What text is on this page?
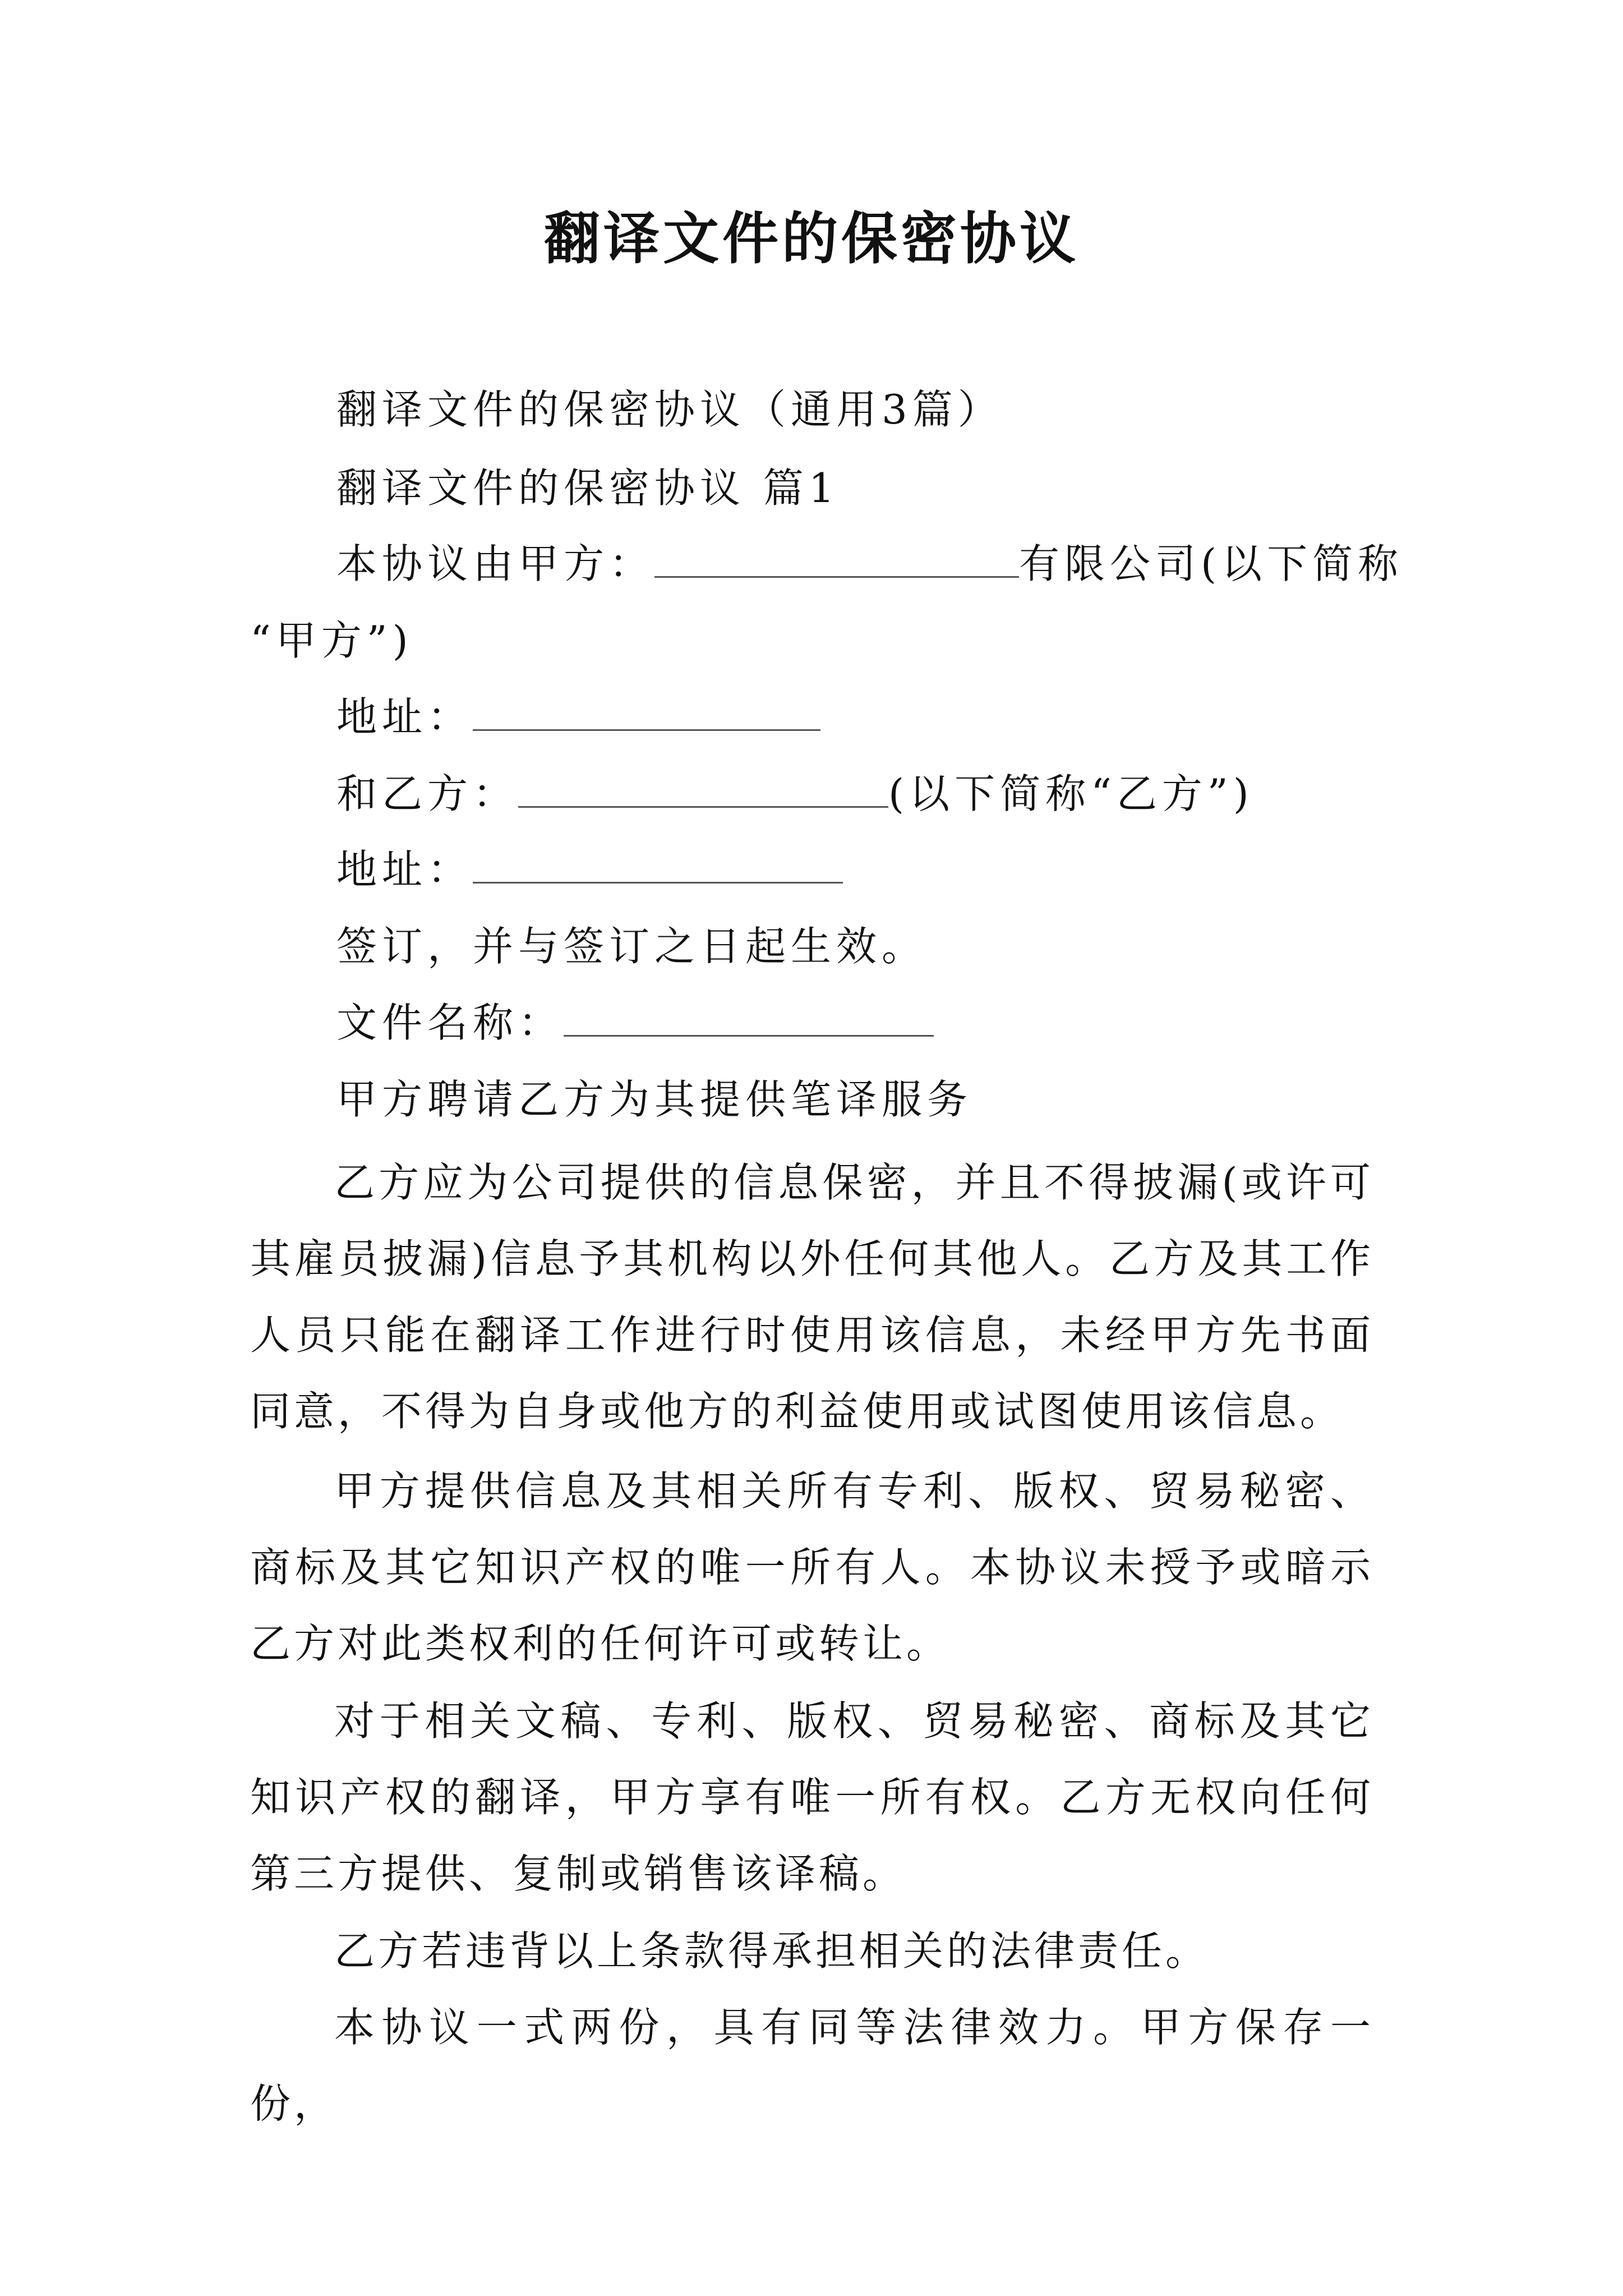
翻译文件的保密协议
翻译文件的保密协议（通用3篇）
翻译文件的保密协议 篇1
本协议由甲方：	有限公司(以下简称
“甲方”)
地址：
和乙方：	(以下简称“乙方”)
地址：
签订，并与签订之日起生效。
文件名称：
甲方聘请乙方为其提供笔译服务

乙方应为公司提供的信息保密，并且不得披漏(或许可其雇员披漏)信息予其机构以外任何其他人。乙方及其工作人员只能在翻译工作进行时使用该信息，未经甲方先书面同意，不得为自身或他方的利益使用或试图使用该信息。

甲方提供信息及其相关所有专利、版权、贸易秘密、商标及其它知识产权的唯一所有人。本协议未授予或暗示乙方对此类权利的任何许可或转让。

对于相关文稿、专利、版权、贸易秘密、商标及其它知识产权的翻译，甲方享有唯一所有权。乙方无权向任何第三方提供、复制或销售该译稿。

乙方若违背以上条款得承担相关的法律责任。

本协议一式两份，具有同等法律效力。甲方保存一份，
